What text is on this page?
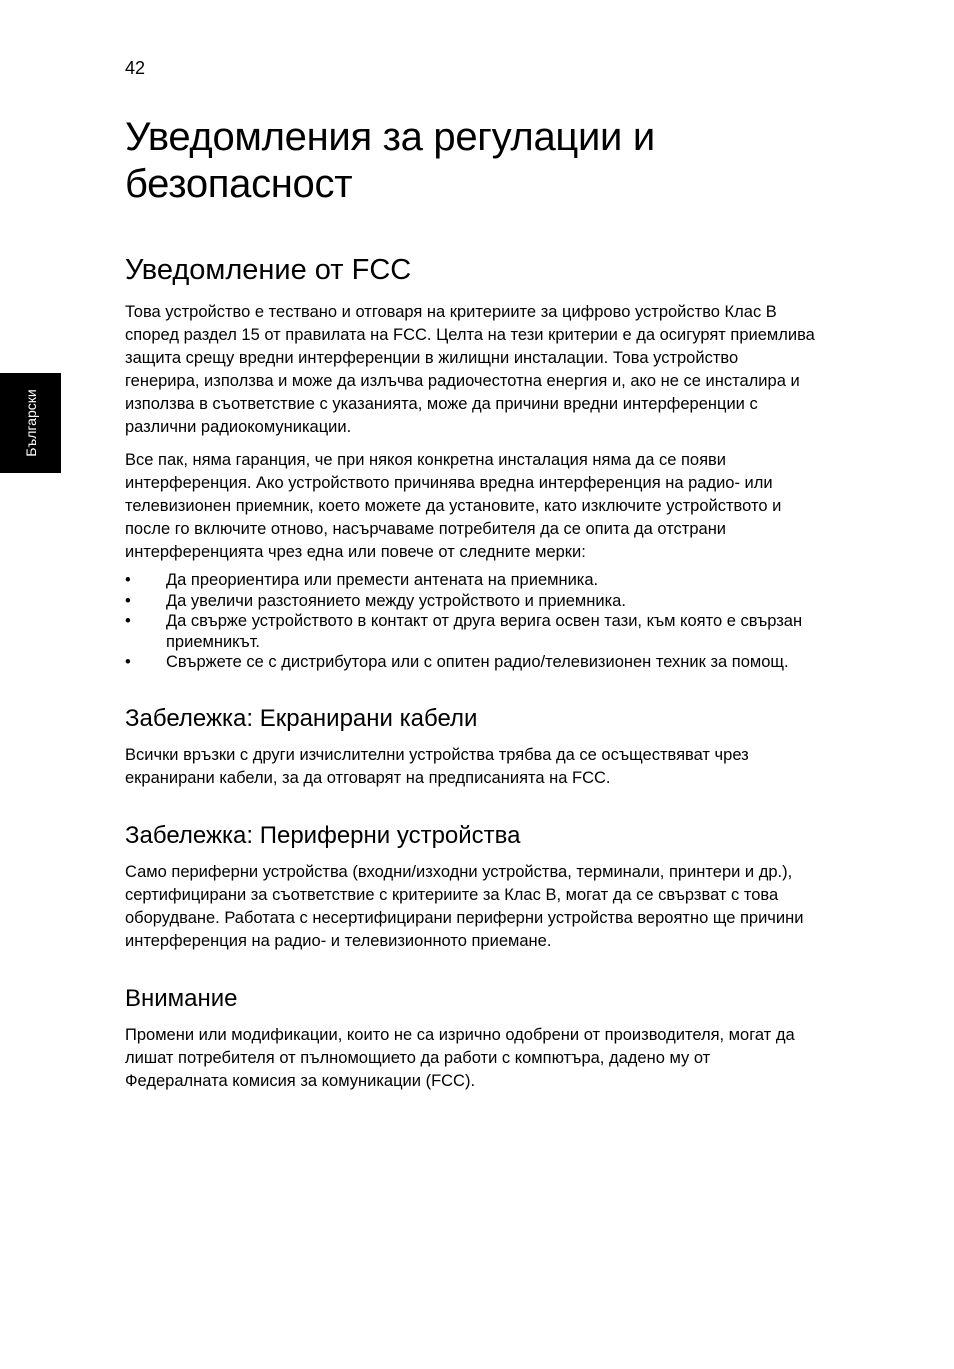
42
Български
Уведомления за регулации и
безопасност
Уведомление от FCC

Това устройство е тествано и отговаря на критериите за цифрово устройство Клас B според раздел 15 от правилата на FCC. Целта на тези критерии е да осигурят приемлива защита срещу вредни интерференции в жилищни инсталации. Това устройство генерира, използва и може да излъчва радиочестотна енергия и, ако не се инсталира и използва в съответствие с указанията, може да причини вредни интерференции с различни радиокомуникации.

Все пак, няма гаранция, че при някоя конкретна инсталация няма да се появи интерференция. Ако устройството причинява вредна интерференция на радио- или телевизионен приемник, което можете да установите, като изключите устройството и после го включите отново, насърчаваме потребителя да се опита да отстрани интерференцията чрез една или повече от следните мерки:

• Да преориентира или премести антената на приемника.
• Да увеличи разстоянието между устройството и приемника.
• Да свърже устройството в контакт от друга верига освен тази, към която е свързан приемникът.
• Свържете се с дистрибутора или с опитен радио/телевизионен техник за помощ.
Забележка: Екранирани кабели

Всички връзки с други изчислителни устройства трябва да се осъществяват чрез екранирани кабели, за да отговарят на предписанията на FCC.

Забележка: Периферни устройства

Само периферни устройства (входни/изходни устройства, терминали, принтери и др.), сертифицирани за съответствие с критериите за Клас B, могат да се свързват с това оборудване. Работата с несертифицирани периферни устройства вероятно ще причини интерференция на радио- и телевизионното приемане.

Внимание

Промени или модификации, които не са изрично одобрени от производителя, могат да лишат потребителя от пълномощието да работи с компютъра, дадено му от Федералната комисия за комуникации (FCC).
